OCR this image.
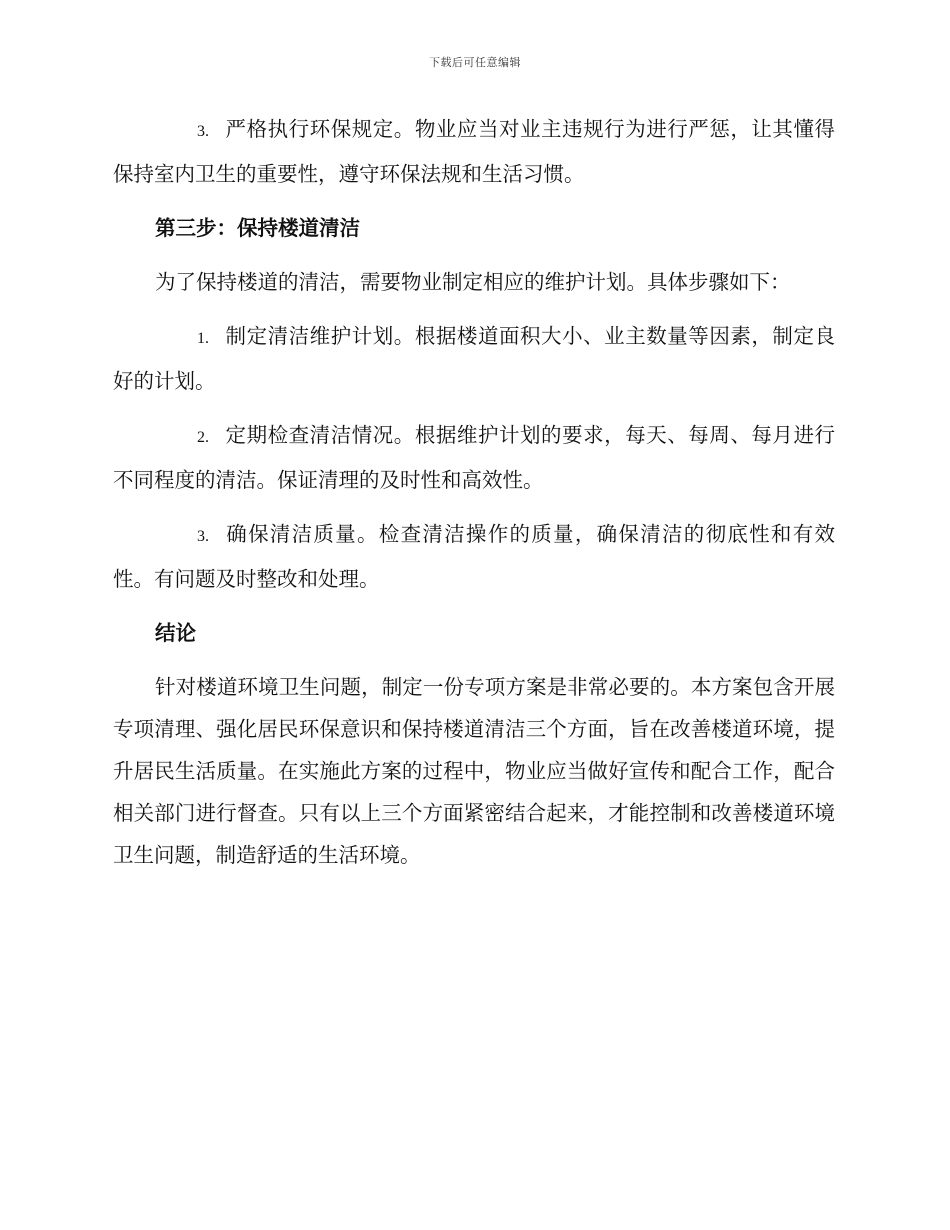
下载后可任意编辑

3. 严格执行环保规定。物业应当对业主违规行为进行严惩，让其懂得保持室内卫生的重要性，遵守环保法规和生活习惯。

第三步：保持楼道清洁

为了保持楼道的清洁，需要物业制定相应的维护计划。具体步骤如下：

1. 制定清洁维护计划。根据楼道面积大小、业主数量等因素，制定良好的计划。

2. 定期检查清洁情况。根据维护计划的要求，每天、每周、每月进行不同程度的清洁。保证清理的及时性和高效性。

3. 确保清洁质量。检查清洁操作的质量，确保清洁的彻底性和有效性。有问题及时整改和处理。

结论

针对楼道环境卫生问题，制定一份专项方案是非常必要的。本方案包含开展专项清理、强化居民环保意识和保持楼道清洁三个方面，旨在改善楼道环境，提升居民生活质量。在实施此方案的过程中，物业应当做好宣传和配合工作，配合相关部门进行督查。只有以上三个方面紧密结合起来，才能控制和改善楼道环境卫生问题，制造舒适的生活环境。
